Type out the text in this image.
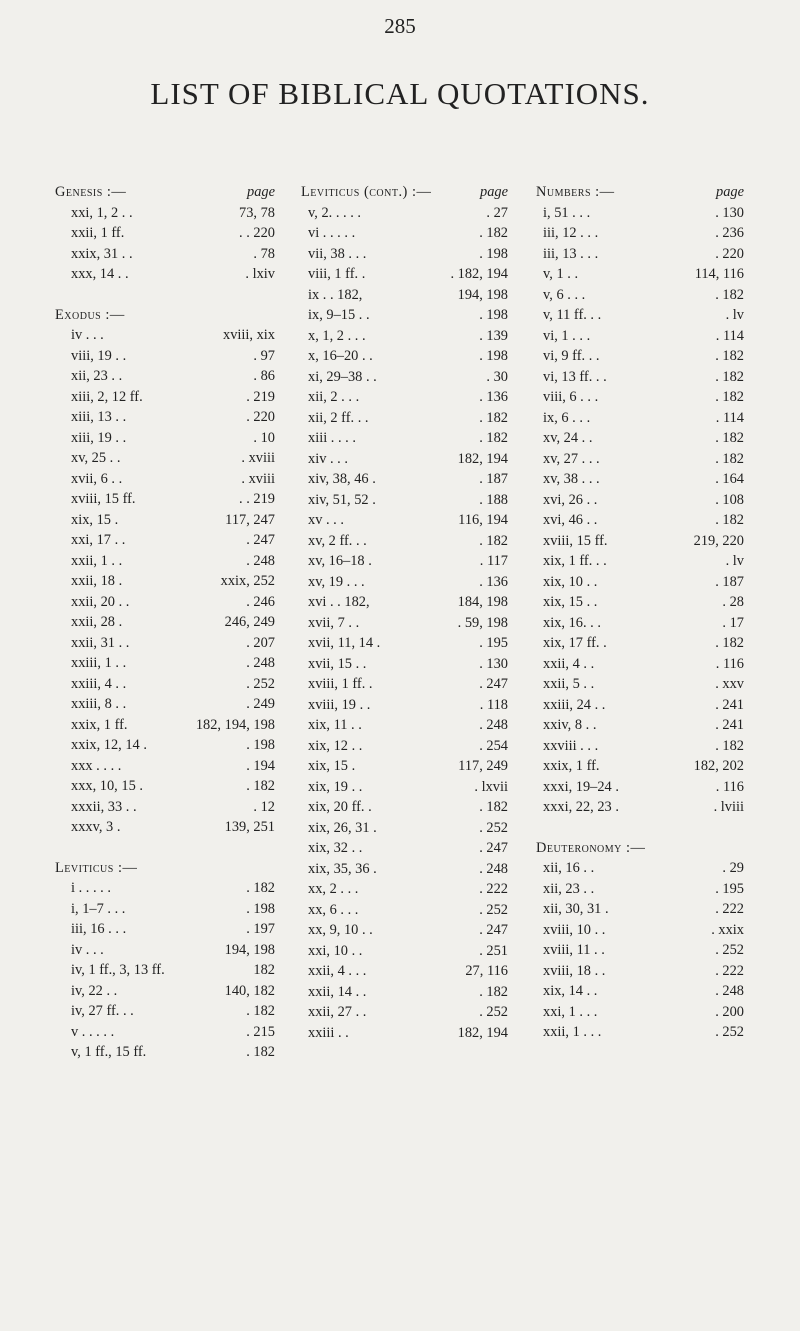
285
LIST OF BIBLICAL QUOTATIONS.
Genesis :—	page
xxi, 1, 2 . .	73, 78
xxii, 1 ff.	. . 220
xxix, 31 . .	. 78
xxx, 14 . .	. lxiv
Exodus :—
iv . . .	xviii, xix
viii, 19 . .	. 97
xii, 23 . .	. 86
xiii, 2, 12 ff.	. 219
xiii, 13 . .	. 220
xiii, 19 . .	. 10
xv, 25 . .	. xviii
xvii, 6 . .	. xviii
xviii, 15 ff.	. . 219
xix, 15 .	117, 247
xxi, 17 . .	. 247
xxii, 1 . .	. 248
xxii, 18 .	xxix, 252
xxii, 20 . .	. 246
xxii, 28 .	246, 249
xxii, 31 . .	. 207
xxiii, 1 . .	. 248
xxiii, 4 . .	. 252
xxiii, 8 . .	. 249
xxix, 1 ff.	182, 194, 198
xxix, 12, 14 .	. 198
xxx . . . .	. 194
xxx, 10, 15 .	. 182
xxxii, 33 . .	. 12
xxxv, 3 .	139, 251
Leviticus :—
i . . . . .	. 182
i, 1–7 . . .	. 198
iii, 16 . . .	. 197
iv . . .	194, 198
iv, 1 ff., 3, 13 ff.	182
iv, 22 . .	140, 182
iv, 27 ff. . .	. 182
v . . . . .	. 215
v, 1 ff., 15 ff.	. 182
Leviticus (cont.) :—	page
v, 2. . . . .	. 27
vi . . . . .	. 182
vii, 38 . . .	. 198
viii, 1 ff. .	. 182, 194
ix . . 182,	194, 198
ix, 9–15 . .	. 198
x, 1, 2 . . .	. 139
x, 16–20 . .	. 198
xi, 29–38 . .	. 30
xii, 2 . . .	. 136
xii, 2 ff. . .	. 182
xiii . . . .	. 182
xiv . . .	182, 194
xiv, 38, 46 .	. 187
xiv, 51, 52 .	. 188
xv . . .	116, 194
xv, 2 ff. . .	. 182
xv, 16–18 .	. 117
xv, 19 . . .	. 136
xvi . . 182,	184, 198
xvii, 7 . .	. 59, 198
xvii, 11, 14 .	. 195
xvii, 15 . .	. 130
xviii, 1 ff. .	. 247
xviii, 19 . .	. 118
xix, 11 . .	. 248
xix, 12 . .	. 254
xix, 15 .	117, 249
xix, 19 . .	. lxvii
xix, 20 ff. .	. 182
xix, 26, 31 .	. 252
xix, 32 . .	. 247
xix, 35, 36 .	. 248
xx, 2 . . .	. 222
xx, 6 . . .	. 252
xx, 9, 10 . .	. 247
xxi, 10 . .	. 251
xxii, 4 . . .	27, 116
xxii, 14 . .	. 182
xxii, 27 . .	. 252
xxiii . .	182, 194
Numbers :—	page
i, 51 . . .	. 130
iii, 12 . . .	. 236
iii, 13 . . .	. 220
v, 1 . .	114, 116
v, 6 . . .	. 182
v, 11 ff. . .	. lv
vi, 1 . . .	. 114
vi, 9 ff. . .	. 182
vi, 13 ff. . .	. 182
viii, 6 . . .	. 182
ix, 6 . . .	. 114
xv, 24 . .	. 182
xv, 27 . . .	. 182
xv, 38 . . .	. 164
xvi, 26 . .	. 108
xvi, 46 . .	. 182
xviii, 15 ff.	219, 220
xix, 1 ff. . .	. lv
xix, 10 . .	. 187
xix, 15 . .	. 28
xix, 16. . .	. 17
xix, 17 ff. .	. 182
xxii, 4 . .	. 116
xxii, 5 . .	. xxv
xxiii, 24 . .	. 241
xxiv, 8 . .	. 241
xxviii . . .	. 182
xxix, 1 ff.	182, 202
xxxi, 19–24 .	. 116
xxxi, 22, 23 .	. lviii
Deuteronomy :—
xii, 16 . .	. 29
xii, 23 . .	. 195
xii, 30, 31 .	. 222
xviii, 10 . .	. xxix
xviii, 11 . .	. 252
xviii, 18 . .	. 222
xix, 14 . .	. 248
xxi, 1 . . .	. 200
xxii, 1 . . .	. 252
